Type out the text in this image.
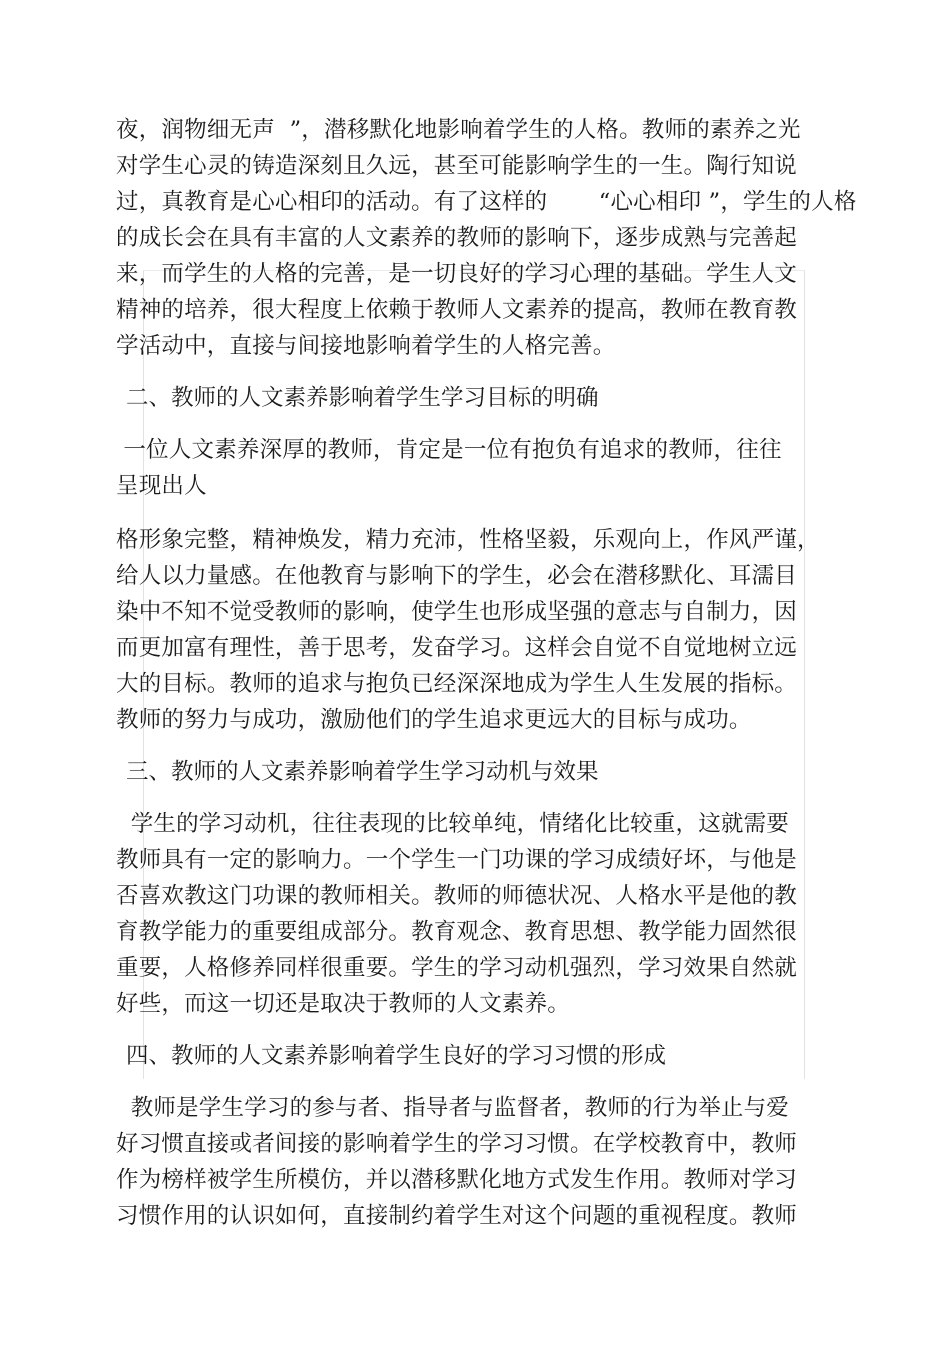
夜，润物细无声  ”，潜移默化地影响着学生的人格。教师的素养之光
对学生心灵的铸造深刻且久远，甚至可能影响学生的一生。陶行知说
过，真教育是心心相印的活动。有了这样的       “心心相印 ”，学生的人格
的成长会在具有丰富的人文素养的教师的影响下，逐步成熟与完善起
来，而学生的人格的完善，是一切良好的学习心理的基础。学生人文
精神的培养，很大程度上依赖于教师人文素养的提高，教师在教育教
学活动中，直接与间接地影响着学生的人格完善。
二、教师的人文素养影响着学生学习目标的明确
一位人文素养深厚的教师，肯定是一位有抱负有追求的教师，往往
呈现出人
格形象完整，精神焕发，精力充沛，性格坚毅，乐观向上，作风严谨，
给人以力量感。在他教育与影响下的学生，必会在潜移默化、耳濡目
染中不知不觉受教师的影响，使学生也形成坚强的意志与自制力，因
而更加富有理性，善于思考，发奋学习。这样会自觉不自觉地树立远
大的目标。教师的追求与抱负已经深深地成为学生人生发展的指标。
教师的努力与成功，激励他们的学生追求更远大的目标与成功。
三、教师的人文素养影响着学生学习动机与效果
学生的学习动机，往往表现的比较单纯，情绪化比较重，这就需要
教师具有一定的影响力。一个学生一门功课的学习成绩好坏，与他是
否喜欢教这门功课的教师相关。教师的师德状况、人格水平是他的教
育教学能力的重要组成部分。教育观念、教育思想、教学能力固然很
重要，人格修养同样很重要。学生的学习动机强烈，学习效果自然就
好些，而这一切还是取决于教师的人文素养。
四、教师的人文素养影响着学生良好的学习习惯的形成
教师是学生学习的参与者、指导者与监督者，教师的行为举止与爱
好习惯直接或者间接的影响着学生的学习习惯。在学校教育中，教师
作为榜样被学生所模仿，并以潜移默化地方式发生作用。教师对学习
习惯作用的认识如何，直接制约着学生对这个问题的重视程度。教师
